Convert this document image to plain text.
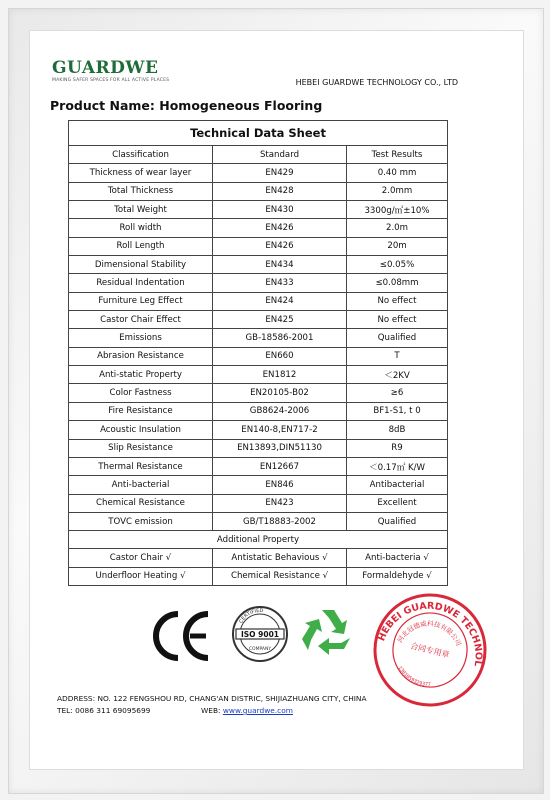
GUARDWE
MAKING SAFER SPACES FOR ALL ACTIVE PLACES	HEBEI GUARDWE TECHNOLOGY CO., LTD
Product Name: Homogeneous Flooring
Technical Data Sheet		
Classification	Standard	Test Results
Thickness of wear layer	EN429	0.40 mm
Total Thickness	EN428	2.0mm
Total Weight	EN430	3300g/㎡±10%
Roll width	EN426	2.0m
Roll Length	EN426	20m
Dimensional Stability	EN434	≤0.05%
Residual Indentation	EN433	≤0.08mm
Furniture Leg Effect	EN424	No effect
Castor Chair Effect	EN425	No effect
Emissions	GB-18586-2001	Qualified
Abrasion Resistance	EN660	T
Anti-static Property	EN1812	＜2KV
Color Fastness	EN20105-B02	≥6
Fire Resistance	GB8624-2006	BF1-S1, t 0
Acoustic Insulation	EN140-8,EN717-2	8dB
Slip Resistance	EN13893,DIN51130	R9
Thermal Resistance	EN12667	＜0.17㎡ K/W
Anti-bacterial	EN846	Antibacterial
Chemical Resistance	EN423	Excellent
TOVC emission	GB/T18883-2002	Qualified
Additional Property		
Castor Chair √	Antistatic Behavious √	Anti-bacteria √
Underfloor Heating √	Chemical Resistance √	Formaldehyde √
CERTIFIED
ISO 9001
COMPANY
HEBEI GUARDWE TECHNOLOGY
河北冠德威科技有限公司
合同专用章
1301059329377
ADDRESS: NO. 122 FENGSHOU RD, CHANG'AN DISTRIC, SHIJIAZHUANG CITY, CHINA
TEL: 0086 311 69095699	WEB: www.guardwe.com
